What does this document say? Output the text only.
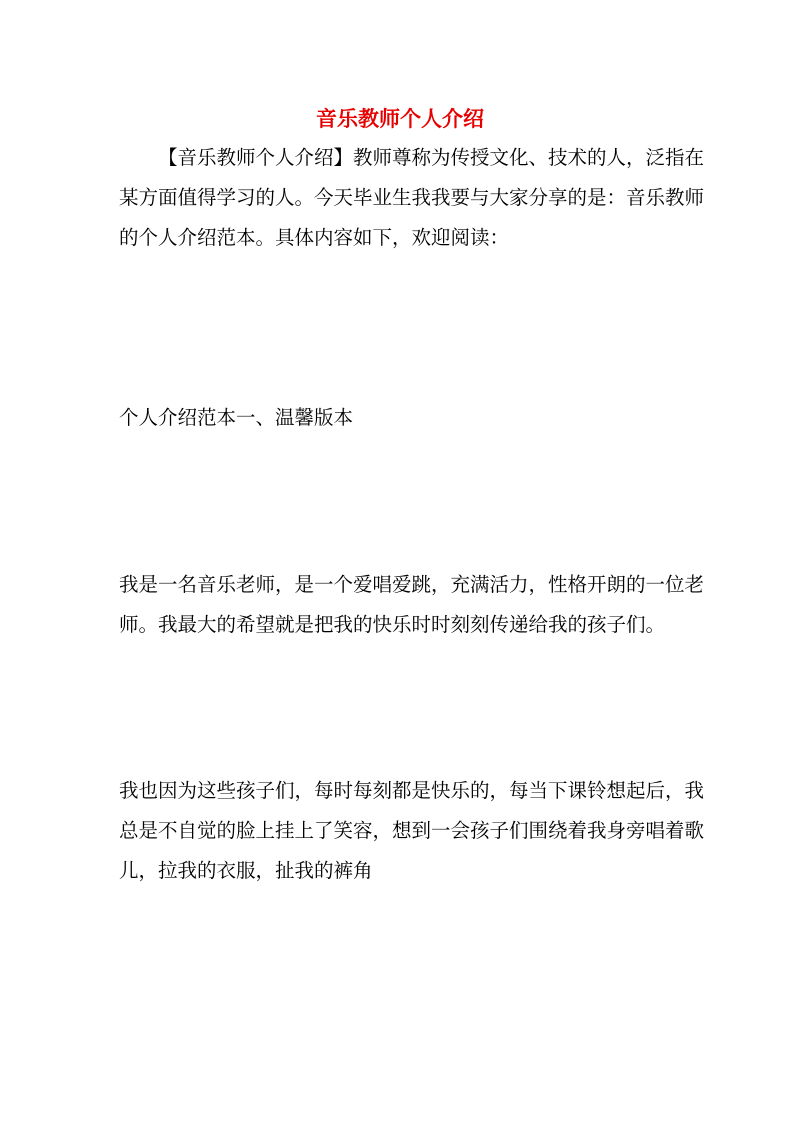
音乐教师个人介绍
【音乐教师个人介绍】教师尊称为传授文化、技术的人，泛指在
某方面值得学习的人。今天毕业生我我要与大家分享的是：音乐教师
的个人介绍范本。具体内容如下，欢迎阅读：
个人介绍范本一、温馨版本
我是一名音乐老师，是一个爱唱爱跳，充满活力，性格开朗的一位老
师。我最大的希望就是把我的快乐时时刻刻传递给我的孩子们。
我也因为这些孩子们，每时每刻都是快乐的，每当下课铃想起后，我
总是不自觉的脸上挂上了笑容，想到一会孩子们围绕着我身旁唱着歌
儿，拉我的衣服，扯我的裤角
